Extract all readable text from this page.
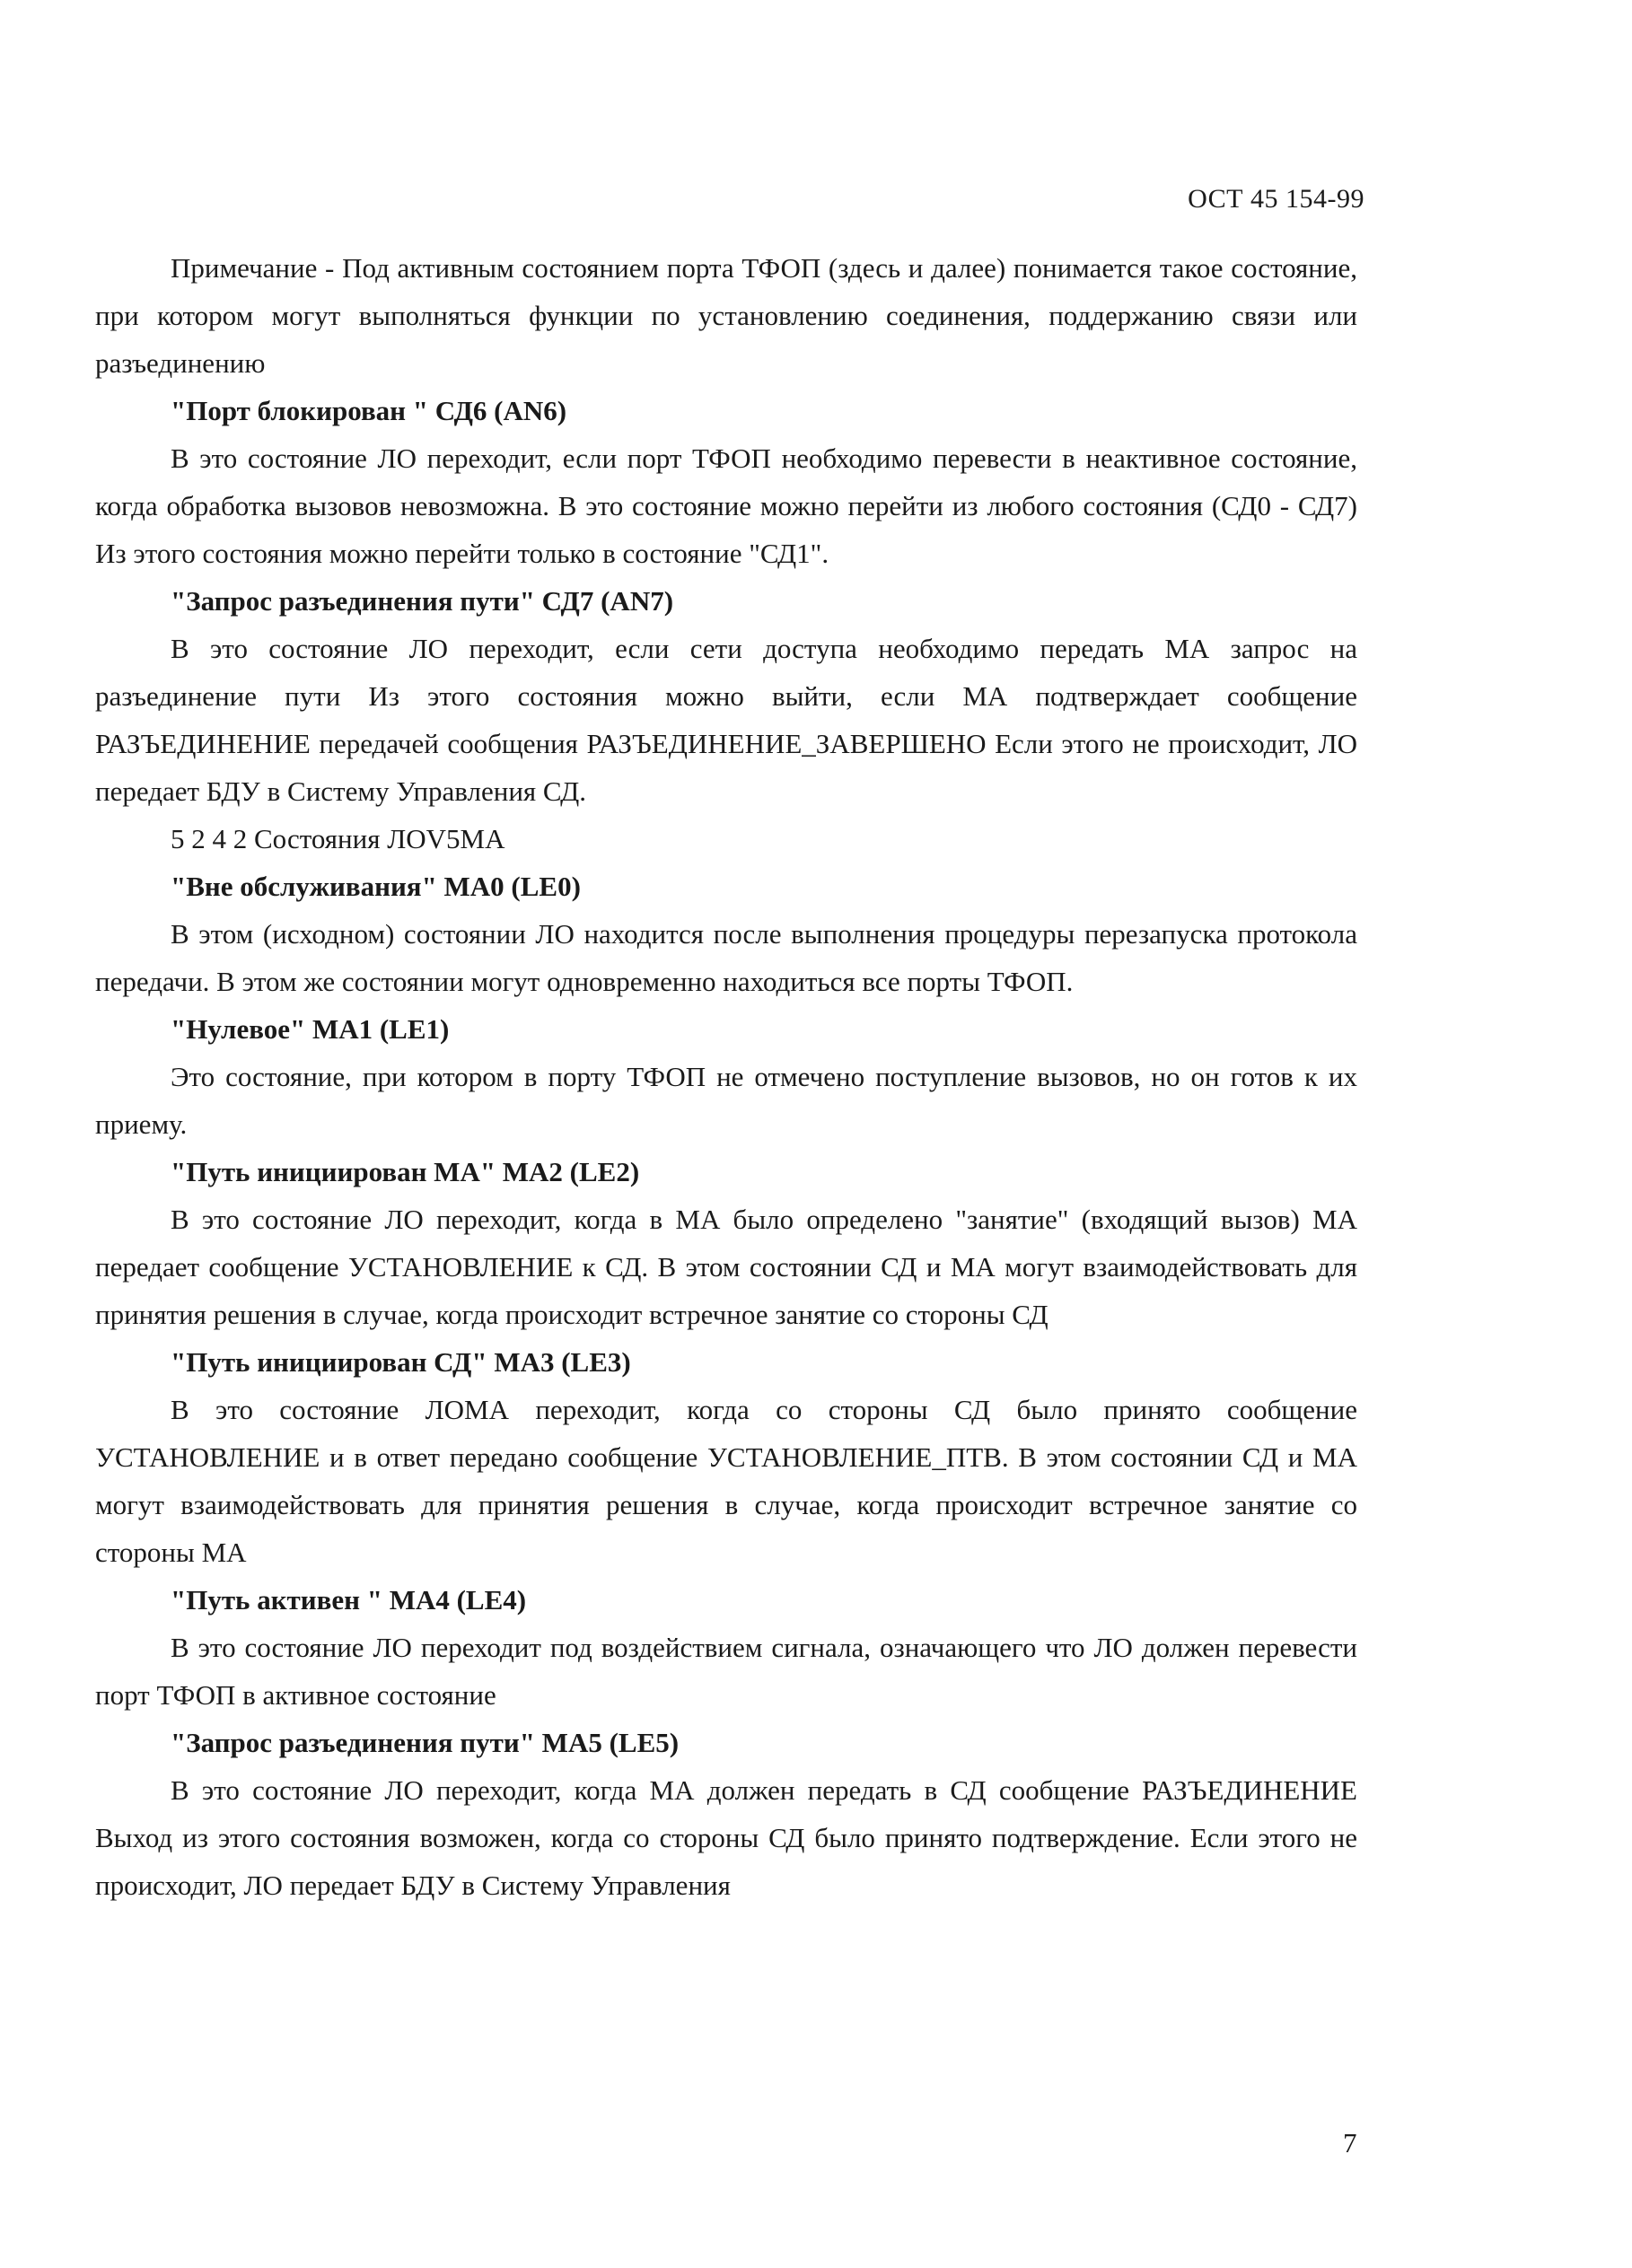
ОСТ 45 154-99

Примечание - Под активным состоянием порта ТФОП (здесь и далее) понимается такое состояние, при котором могут выполняться функции по установлению соединения, поддержанию связи или разъединению

"Порт блокирован " СД6 (AN6)

В это состояние ЛО переходит, если порт ТФОП необходимо перевести в неактивное состояние, когда обработка вызовов невозможна. В это состояние можно перейти из любого состояния (СД0 - СД7) Из этого состояния можно перейти только в состояние "СД1".

"Запрос разъединения пути" СД7 (AN7)

В это состояние ЛО переходит, если сети доступа необходимо передать МА запрос на разъединение пути Из этого состояния можно выйти, если МА подтверждает сообщение РАЗЪЕДИНЕНИЕ передачей сообщения РАЗЪЕДИНЕНИЕ_ЗАВЕРШЕНО Если этого не происходит, ЛО передает БДУ в Систему Управления СД.

5 2 4 2 Состояния ЛОV5MA

"Вне обслуживания" МА0 (LE0)

В этом (исходном) состоянии ЛО находится после выполнения процедуры перезапуска протокола передачи. В этом же состоянии могут одновременно находиться все порты ТФОП.

"Нулевое" МА1 (LE1)

Это состояние, при котором в порту ТФОП не отмечено поступление вызовов, но он готов к их приему.

"Путь инициирован МА" МА2 (LE2)

В это состояние ЛО переходит, когда в МА было определено "занятие" (входящий вызов) МА передает сообщение УСТАНОВЛЕНИЕ к СД. В этом состоянии СД и МА могут взаимодействовать для принятия решения в случае, когда происходит встречное занятие со стороны СД

"Путь инициирован СД" МА3 (LE3)

В это состояние ЛОМА переходит, когда со стороны СД было принято сообщение УСТАНОВЛЕНИЕ и в ответ передано сообщение УСТАНОВЛЕНИЕ_ПТВ. В этом состоянии СД и МА могут взаимодействовать для принятия решения в случае, когда происходит встречное занятие со стороны МА

"Путь активен " МА4 (LE4)

В это состояние ЛО переходит под воздействием сигнала, означающего что ЛО должен перевести порт ТФОП в активное состояние

"Запрос разъединения пути" МА5 (LE5)

В это состояние ЛО переходит, когда МА должен передать в СД сообщение РАЗЪЕДИНЕНИЕ Выход из этого состояния возможен, когда со стороны СД было принято подтверждение. Если этого не происходит, ЛО передает БДУ в Систему Управления

7
